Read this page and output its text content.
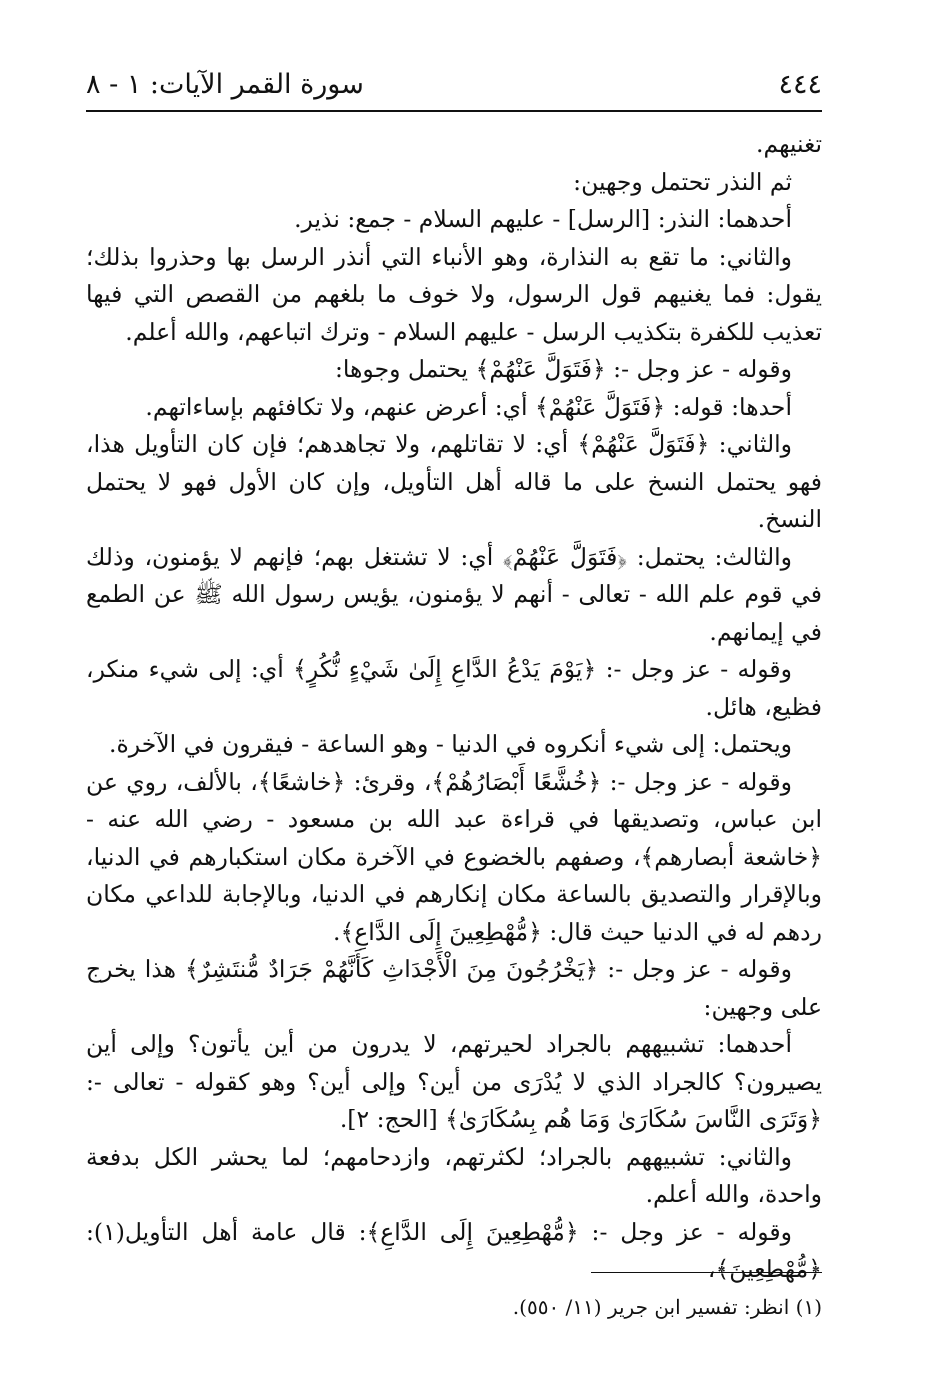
٤٤٤
سورة القمر الآيات: ١ - ٨

تغنيهم.

ثم النذر تحتمل وجهين:

أحدهما: النذر: [الرسل] - عليهم السلام - جمع: نذير.

والثاني: ما تقع به النذارة، وهو الأنباء التي أنذر الرسل بها وحذروا بذلك؛ يقول: فما يغنيهم قول الرسول، ولا خوف ما بلغهم من القصص التي فيها تعذيب للكفرة بتكذيب الرسل - عليهم السلام - وترك اتباعهم، والله أعلم.

وقوله - عز وجل -: ﴿فَتَوَلَّ عَنْهُمْ﴾ يحتمل وجوها:

أحدها: قوله: ﴿فَتَوَلَّ عَنْهُمْ﴾ أي: أعرض عنهم، ولا تكافئهم بإساءاتهم.

والثاني: ﴿فَتَوَلَّ عَنْهُمْ﴾ أي: لا تقاتلهم، ولا تجاهدهم؛ فإن كان التأويل هذا، فهو يحتمل النسخ على ما قاله أهل التأويل، وإن كان الأول فهو لا يحتمل النسخ.

والثالث: يحتمل: ﴿فَتَوَلَّ عَنْهُمْ﴾ أي: لا تشتغل بهم؛ فإنهم لا يؤمنون، وذلك في قوم علم الله - تعالى - أنهم لا يؤمنون، يؤيس رسول الله ﷺ عن الطمع في إيمانهم.

وقوله - عز وجل -: ﴿يَوْمَ يَدْعُ الدَّاعِ إِلَىٰ شَيْءٍ نُّكُرٍ﴾ أي: إلى شيء منكر، فظيع، هائل.

ويحتمل: إلى شيء أنكروه في الدنيا - وهو الساعة - فيقرون في الآخرة.

وقوله - عز وجل -: ﴿خُشَّعًا أَبْصَارُهُمْ﴾، وقرئ: ﴿خاشعًا﴾، بالألف، روي عن ابن عباس، وتصديقها في قراءة عبد الله بن مسعود - رضي الله عنه - ﴿خاشعة أبصارهم﴾، وصفهم بالخضوع في الآخرة مكان استكبارهم في الدنيا، وبالإقرار والتصديق بالساعة مكان إنكارهم في الدنيا، وبالإجابة للداعي مكان ردهم له في الدنيا حيث قال: ﴿مُّهْطِعِينَ إِلَى الدَّاعِ﴾.

وقوله - عز وجل -: ﴿يَخْرُجُونَ مِنَ الْأَجْدَاثِ كَأَنَّهُمْ جَرَادٌ مُّنتَشِرٌ﴾ هذا يخرج على وجهين:

أحدهما: تشبيههم بالجراد لحيرتهم، لا يدرون من أين يأتون؟ وإلى أين يصيرون؟ كالجراد الذي لا يُدْرَى من أين؟ وإلى أين؟ وهو كقوله - تعالى -: ﴿وَتَرَى النَّاسَ سُكَارَىٰ وَمَا هُم بِسُكَارَىٰ﴾ [الحج: ٢].

والثاني: تشبيههم بالجراد؛ لكثرتهم، وازدحامهم؛ لما يحشر الكل بدفعة واحدة، والله أعلم.

وقوله - عز وجل -: ﴿مُّهْطِعِينَ إِلَى الدَّاعِ﴾: قال عامة أهل التأويل(١): ﴿مُّهْطِعِينَ﴾،

(١) انظر: تفسير ابن جرير (١١/ ٥٥٠).
